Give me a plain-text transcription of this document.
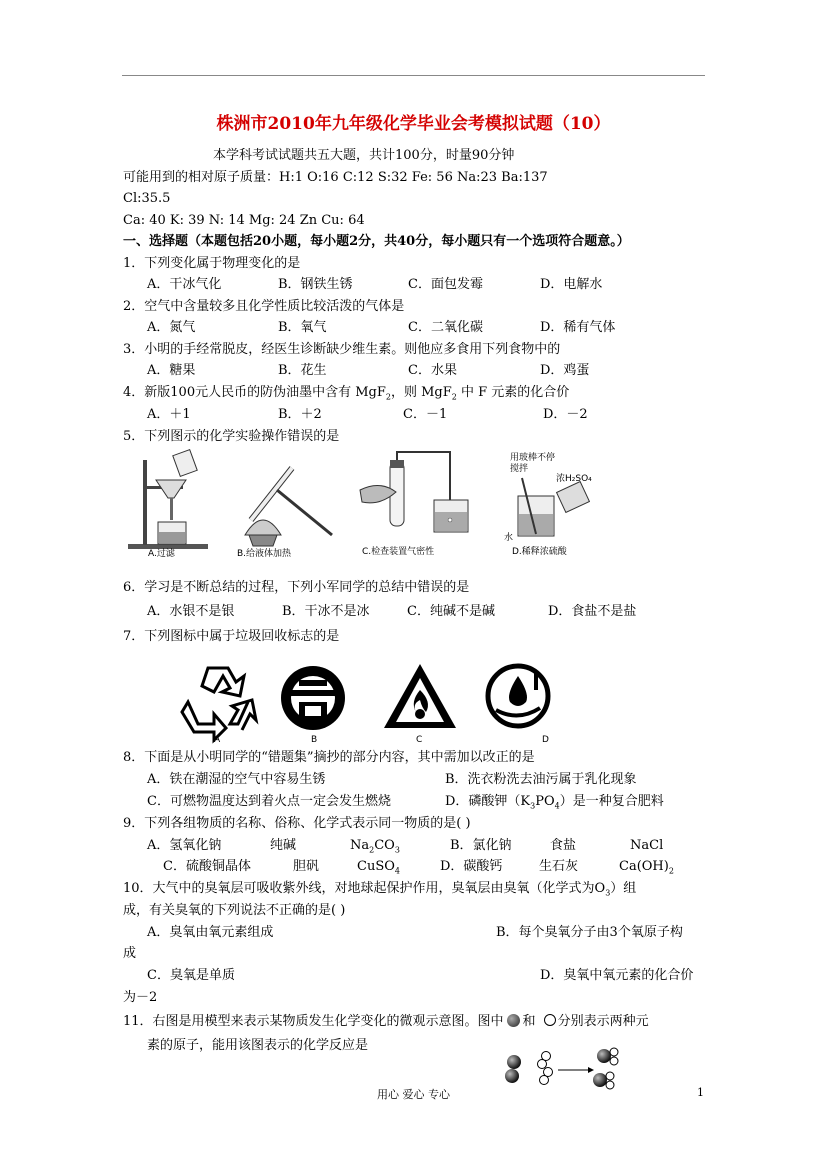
株洲市2010年九年级化学毕业会考模拟试题（10）
本学科考试试题共五大题，共计100分，时量90分钟
可能用到的相对原子质量：H:1 O:16 C:12 S:32 Fe: 56 Na:23 Ba:137
Cl:35.5
Ca: 40 K: 39 N: 14 Mg: 24 Zn Cu: 64
一、选择题（本题包括20小题，每小题2分，共40分，每小题只有一个选项符合题意。）
1．下列变化属于物理变化的是
A．干冰气化	B．钢铁生锈	C．面包发霉	D．电解水
2．空气中含量较多且化学性质比较活泼的气体是
A．氮气	B．氧气	C．二氧化碳	D．稀有气体
3．小明的手经常脱皮，经医生诊断缺少维生素。则他应多食用下列食物中的
A．糖果	B．花生	C．水果	D．鸡蛋
4．新版100元人民币的防伪油墨中含有 MgF$_2$，则 MgF$_2$ 中 F 元素的化合价
A．＋1	B．＋2	C．－1	D．－2
5．下列图示的化学实验操作错误的是
A.过滤	B.给液体加热	C.检查装置气密性
用玻棒不停
搅拌
浓H₂SO₄
水
D.稀释浓硫酸
6．学习是不断总结的过程，下列小军同学的总结中错误的是
A．水银不是银	B．干冰不是冰	C．纯碱不是碱	D．食盐不是盐
7．下列图标中属于垃圾回收标志的是
A	B	C	D
8．下面是从小明同学的“错题集”摘抄的部分内容，其中需加以改正的是
A．铁在潮湿的空气中容易生锈	B．洗衣粉洗去油污属于乳化现象
C．可燃物温度达到着火点一定会发生燃烧	D．磷酸钾$(K_3PO_4)$是一种复合肥料
9．下列各组物质的名称、俗称、化学式表示同一物质的是( )
A．氢氧化钠	纯碱	$Na_2CO_3$	B．氯化钠	食盐	NaCl
C．硫酸铜晶体	胆矾	CuSO$_4$	D．碳酸钙	生石灰	$Ca(OH)_2$
10．大气中的臭氧层可吸收紫外线，对地球起保护作用，臭氧层由臭氧（化学式为$O_3$）组
成，有关臭氧的下列说法不正确的是( )
A．臭氧由氧元素组成	B．每个臭氧分子由3个氧原子构
成
C．臭氧是单质	D．臭氧中氧元素的化合价
为－2
11．右图是用模型来表示某物质发生化学变化的微观示意图。图中 和 分别表示两种元
素的原子，能用该图表示的化学反应是
用心 爱心 专心	1
